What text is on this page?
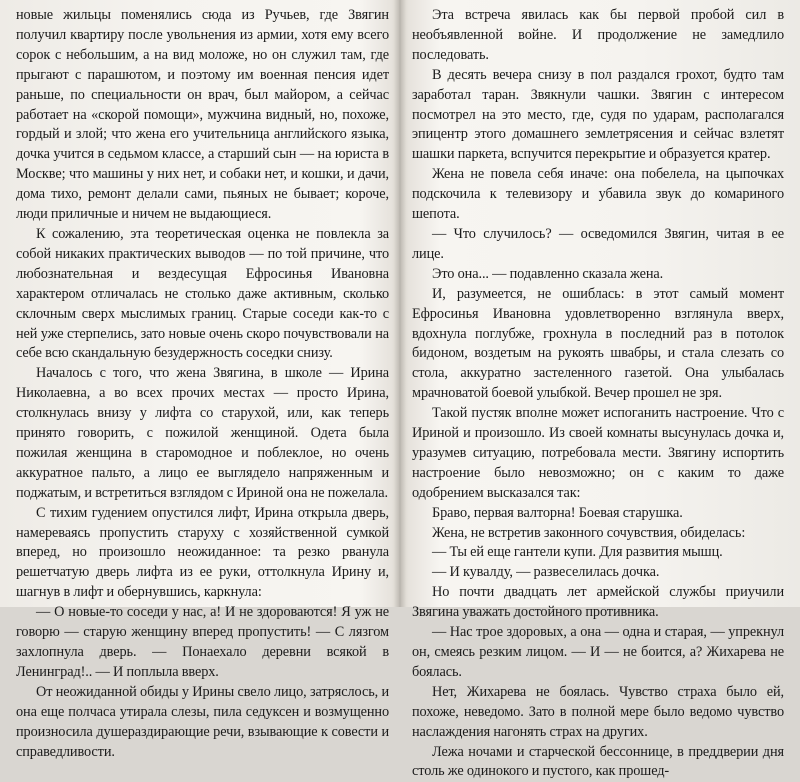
новые жильцы поменялись сюда из Ручьев, где Звягин получил квартиру после увольнения из армии, хотя ему всего сорок с небольшим, а на вид моложе, но он служил там, где прыгают с парашютом, и поэтому им военная пенсия идет раньше, по специальности он врач, был майором, а сейчас работает на «скорой помощи», мужчина видный, но, похоже, гордый и злой; что жена его учительница английского языка, дочка учится в седьмом классе, а старший сын — на юриста в Москве; что машины у них нет, и собаки нет, и кошки, и дачи, дома тихо, ремонт делали сами, пьяных не бывает; короче, люди приличные и ничем не выдающиеся.

К сожалению, эта теоретическая оценка не повлекла за собой никаких практических выводов — по той причине, что любознательная и вездесущая Ефросинья Ивановна характером отличалась не столько даже активным, сколько склочным сверх мыслимых границ. Старые соседи как-то с ней уже стерпелись, зато новые очень скоро почувствовали на себе всю скандальную безудержность соседки снизу.

Началось с того, что жена Звягина, в школе — Ирина Николаевна, а во всех прочих местах — просто Ирина, столкнулась внизу у лифта со старухой, или, как теперь принято говорить, с пожилой женщиной. Одета была пожилая женщина в старомодное и поблеклое, но очень аккуратное пальто, а лицо ее выглядело напряженным и поджатым, и встретиться взглядом с Ириной она не пожелала.

С тихим гудением опустился лифт, Ирина открыла дверь, намереваясь пропустить старуху с хозяйственной сумкой вперед, но произошло неожиданное: та резко рванула решетчатую дверь лифта из ее руки, оттолкнула Ирину и, шагнув в лифт и обернувшись, каркнула:

— О новые-то соседи у нас, а! И не здороваются! Я уж не говорю — старую женщину вперед пропустить! — С лязгом захлопнула дверь. — Понаехало деревни всякой в Ленинград!.. — И поплыла вверх.

От неожиданной обиды у Ирины свело лицо, затряслось, и она еще полчаса утирала слезы, пила седуксен и возмущенно произносила душераздирающие речи, взывающие к совести и справедливости.

Эта встреча явилась как бы первой пробой сил в необъявленной войне. И продолжение не замедлило последовать.

В десять вечера снизу в пол раздался грохот, будто там заработал таран. Звякнули чашки. Звягин с интересом посмотрел на это место, где, судя по ударам, располагался эпицентр этого домашнего землетрясения и сейчас взлетят шашки паркета, вспучится перекрытие и образуется кратер.

Жена не повела себя иначе: она побелела, на цыпочках подскочила к телевизору и убавила звук до комариного шепота.

— Что случилось? — осведомился Звягин, читая в ее лице.

Это она... — подавленно сказала жена.

И, разумеется, не ошиблась: в этот самый момент Ефросинья Ивановна удовлетворенно взглянула вверх, вдохнула поглубже, грохнула в последний раз в потолок бидоном, воздетым на рукоять швабры, и стала слезать со стола, аккуратно застеленного газетой. Она улыбалась мрачноватой боевой улыбкой. Вечер прошел не зря.

Такой пустяк вполне может испоганить настроение. Что с Ириной и произошло. Из своей комнаты высунулась дочка и, уразумев ситуацию, потребовала мести. Звягину испортить настроение было невозможно; он с каким то даже одобрением высказался так:

Браво, первая валторна! Боевая старушка.

Жена, не встретив законного сочувствия, обиделась:

— Ты ей еще гантели купи. Для развития мышц.

— И кувалду, — развеселилась дочка.

Но почти двадцать лет армейской службы приучили Звягина уважать достойного противника.

— Нас трое здоровых, а она — одна и старая, — упрекнул он, смеясь резким лицом. — И — не боится, а? Жихарева не боялась.

Нет, Жихарева не боялась. Чувство страха было ей, похоже, неведомо. Зато в полной мере было ведомо чувство наслаждения нагонять страх на других.

Лежа ночами и старческой бессоннице, в преддверии дня столь же одинокого и пустого, как прошед-
